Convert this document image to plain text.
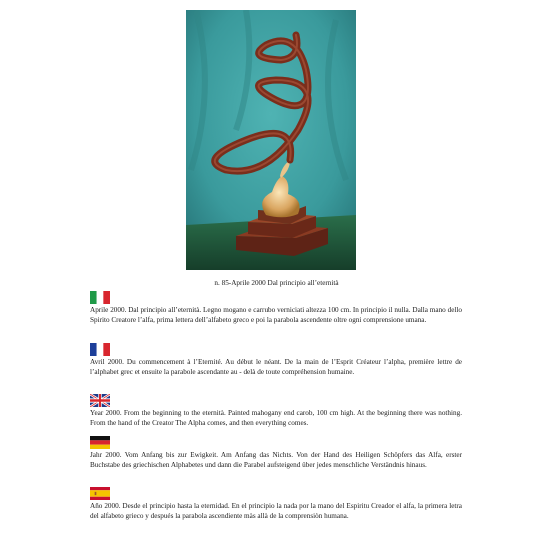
n. 85-Aprile 2000 Dal principio all’eternità
Aprile 2000. Dal principio all’eternità. Legno mogano e carrubo verniciati altezza 100 cm. In principio il nulla. Dalla mano dello Spirito Creatore l’alfa, prima lettera dell’alfabeto greco e poi la parabola ascendente oltre ogni comprensione umana.
Avril 2000. Du commencement à l’Eternité. Au début le néant. De la main de l’Esprit Créateur l’alpha, première lettre de l’alphabet grec et ensuite la parabole ascendante au - delà de toute compréhension humaine.
Year 2000. From the beginning to the eternità. Painted mahogany end carob, 100 cm high. At the beginning there was nothing. From the hand of the Creator The Alpha comes, and then everything comes.
Jahr 2000. Vom Anfang bis zur Ewigkeit. Am Anfang das Nichts. Von der Hand des Heiligen Schöpfers das Alfa, erster Buchstabe des griechischen Alphabetes und dann die Parabel aufsteigend über jedes menschliche Verständnis hinaus.
Año 2000. Desde el principio hasta la eternidad. En el principio la nada por la mano del Espiritu Creador el alfa, la primera letra del alfabeto grieco y después la parabola ascendiente màs allà de la comprensiòn humana.
